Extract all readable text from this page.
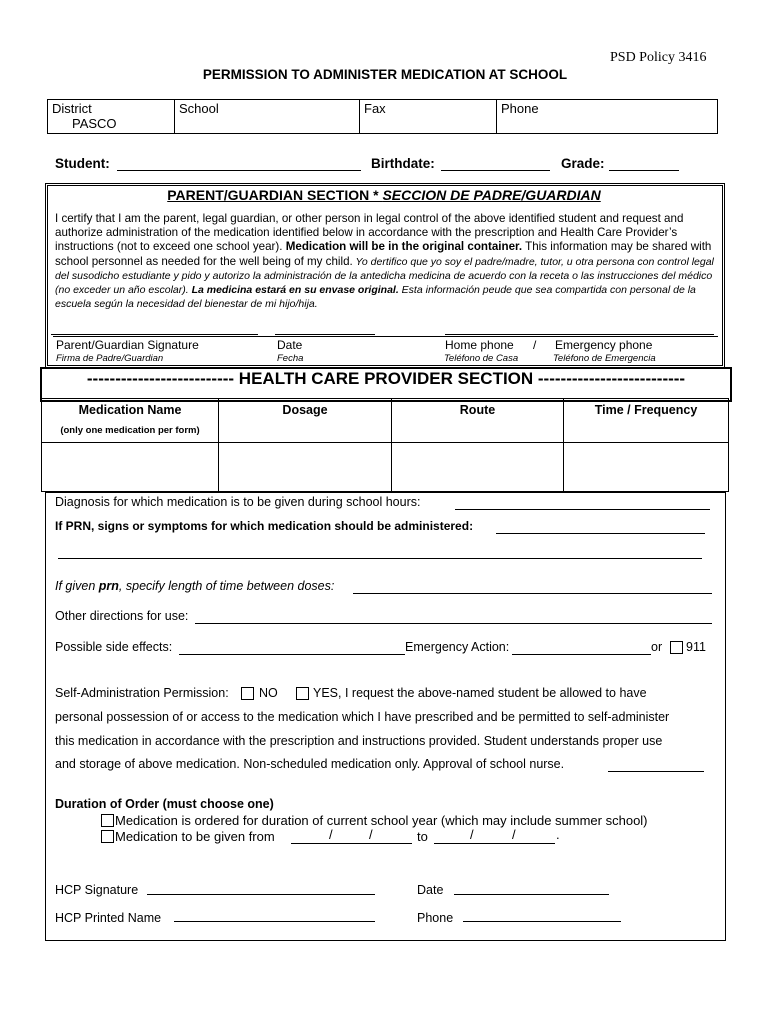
PSD Policy 3416
PERMISSION TO ADMINISTER MEDICATION AT SCHOOL
District
PASCO
	School	Fax	Phone
Student:	Birthdate:	Grade:
PARENT/GUARDIAN SECTION * SECCION DE PADRE/GUARDIAN
I certify that I am the parent, legal guardian, or other person in legal control of the above identified student and request and authorize administration of the medication identified below in accordance with the prescription and Health Care Provider’s instructions (not to exceed one school year). Medication will be in the original container. This information may be shared with school personnel as needed for the well being of my child. Yo dertifico que yo soy el padre/madre, tutor, u otra persona con control legal del susodicho estudiante y pido y autorizo la administración de la antedicha medicina de acuerdo con la receta o las instrucciones del médico (no exceder un año escolar). La medicina estará en su envase original. Esta información peude que sea compartida con personal de la escuela según la necesidad del bienestar de mi hijo/hija.
Parent/Guardian Signature	Date	Home phone / Emergency phone
Firma de Padre/Guardian	Fecha	Teléfono de Casa	Teléfono de Emergencia
-------------------------- HEALTH CARE PROVIDER SECTION --------------------------
Medication Name
(only one medication per form)	Dosage	Route	Time / Frequency

Diagnosis for which medication is to be given during school hours:
If PRN, signs or symptoms for which medication should be administered:
If given prn, specify length of time between doses:
Other directions for use:
Possible side effects:	Emergency Action:	or 911
Self-Administration Permission: NO	YES, I request the above-named student be allowed to have
personal possession of or access to the medication which I have prescribed and be permitted to self-administer
this medication in accordance with the prescription and instructions provided. Student understands proper use
and storage of above medication. Non-scheduled medication only. Approval of school nurse.
Duration of Order (must choose one)
Medication is ordered for duration of current school year (which may include summer school)
Medication to be given from	/	/	to	/	/	.
HCP Signature	Date
HCP Printed Name	Phone
